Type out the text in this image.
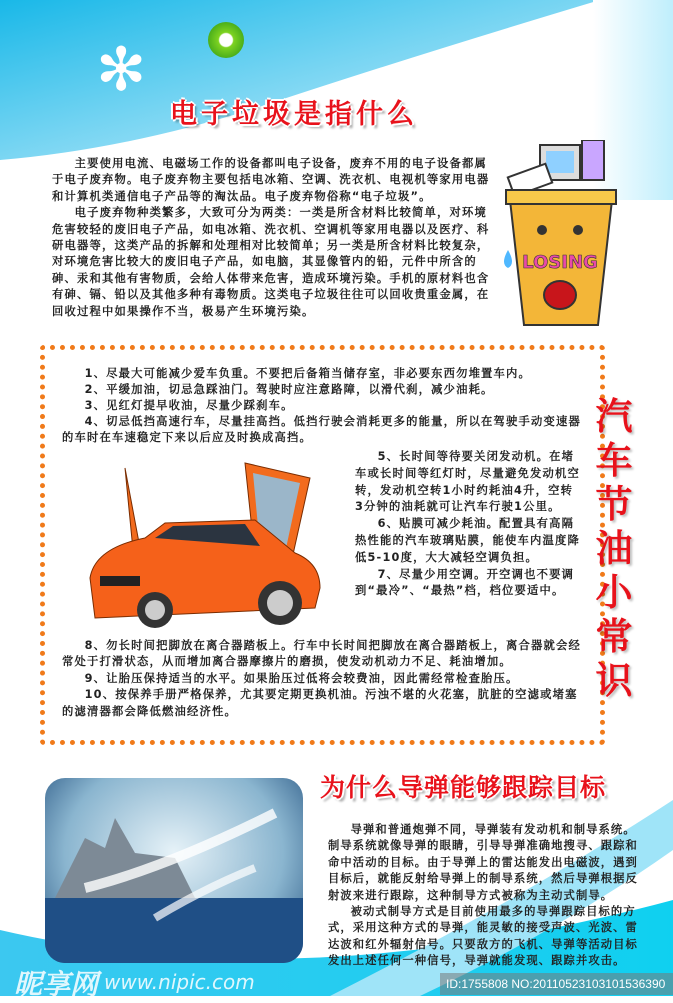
✻
电子垃圾是指什么

主要使用电流、电磁场工作的设备都叫电子设备，废弃不用的电子设备都属于电子废弃物。电子废弃物主要包括电冰箱、空调、洗衣机、电视机等家用电器和计算机类通信电子产品等的淘汰品。电子废弃物俗称“电子垃圾”。

电子废弃物种类繁多，大致可分为两类：一类是所含材料比较简单，对环境危害较轻的废旧电子产品，如电冰箱、洗衣机、空调机等家用电器以及医疗、科研电器等，这类产品的拆解和处理相对比较简单；另一类是所含材料比较复杂，对环境危害比较大的废旧电子产品，如电脑，其显像管内的铅，元件中所含的砷、汞和其他有害物质，会给人体带来危害，造成环境污染。手机的原材料也含有砷、镉、铅以及其他多种有毒物质。这类电子垃圾往往可以回收贵重金属，在回收过程中如果操作不当，极易产生环境污染。

LOSING

1、尽最大可能减少爱车负重。不要把后备箱当储存室，非必要东西勿堆置车内。

2、平缓加油，切忌急踩油门。驾驶时应注意路障，以滑代刹，减少油耗。

3、见红灯提早收油，尽量少踩刹车。

4、切忌低挡高速行车，尽量挂高挡。低挡行驶会消耗更多的能量，所以在驾驶手动变速器的车时在车速稳定下来以后应及时换成高挡。

5、长时间等待要关闭发动机。在堵车或长时间等红灯时，尽量避免发动机空转，发动机空转1小时约耗油4升，空转3分钟的油耗就可让汽车行驶1公里。

6、贴膜可减少耗油。配置具有高隔热性能的汽车玻璃贴膜，能使车内温度降低5-10度，大大减轻空调负担。

7、尽量少用空调。开空调也不要调到“最冷”、“最热”档，档位要适中。

8、勿长时间把脚放在离合器踏板上。行车中长时间把脚放在离合器踏板上，离合器就会经常处于打滑状态，从而增加离合器摩擦片的磨损，使发动机动力不足、耗油增加。

9、让胎压保持适当的水平。如果胎压过低将会较费油，因此需经常检查胎压。

10、按保养手册严格保养，尤其要定期更换机油。污浊不堪的火花塞，肮脏的空滤或堵塞的滤清器都会降低燃油经济性。

汽车节油小常识
为什么导弹能够跟踪目标

导弹和普通炮弹不同，导弹装有发动机和制导系统。制导系统就像导弹的眼睛，引导导弹准确地搜寻、跟踪和命中活动的目标。由于导弹上的雷达能发出电磁波，遇到目标后，就能反射给导弹上的制导系统，然后导弹根据反射波来进行跟踪，这种制导方式被称为主动式制导。

被动式制导方式是目前使用最多的导弹跟踪目标的方式，采用这种方式的导弹，能灵敏的接受声波、光波、雷达波和红外辐射信号。只要敌方的飞机、导弹等活动目标发出上述任何一种信号，导弹就能发现、跟踪并攻击。

昵享网 www.nipic.com	ID:1755808 NO:20110523103101536390
